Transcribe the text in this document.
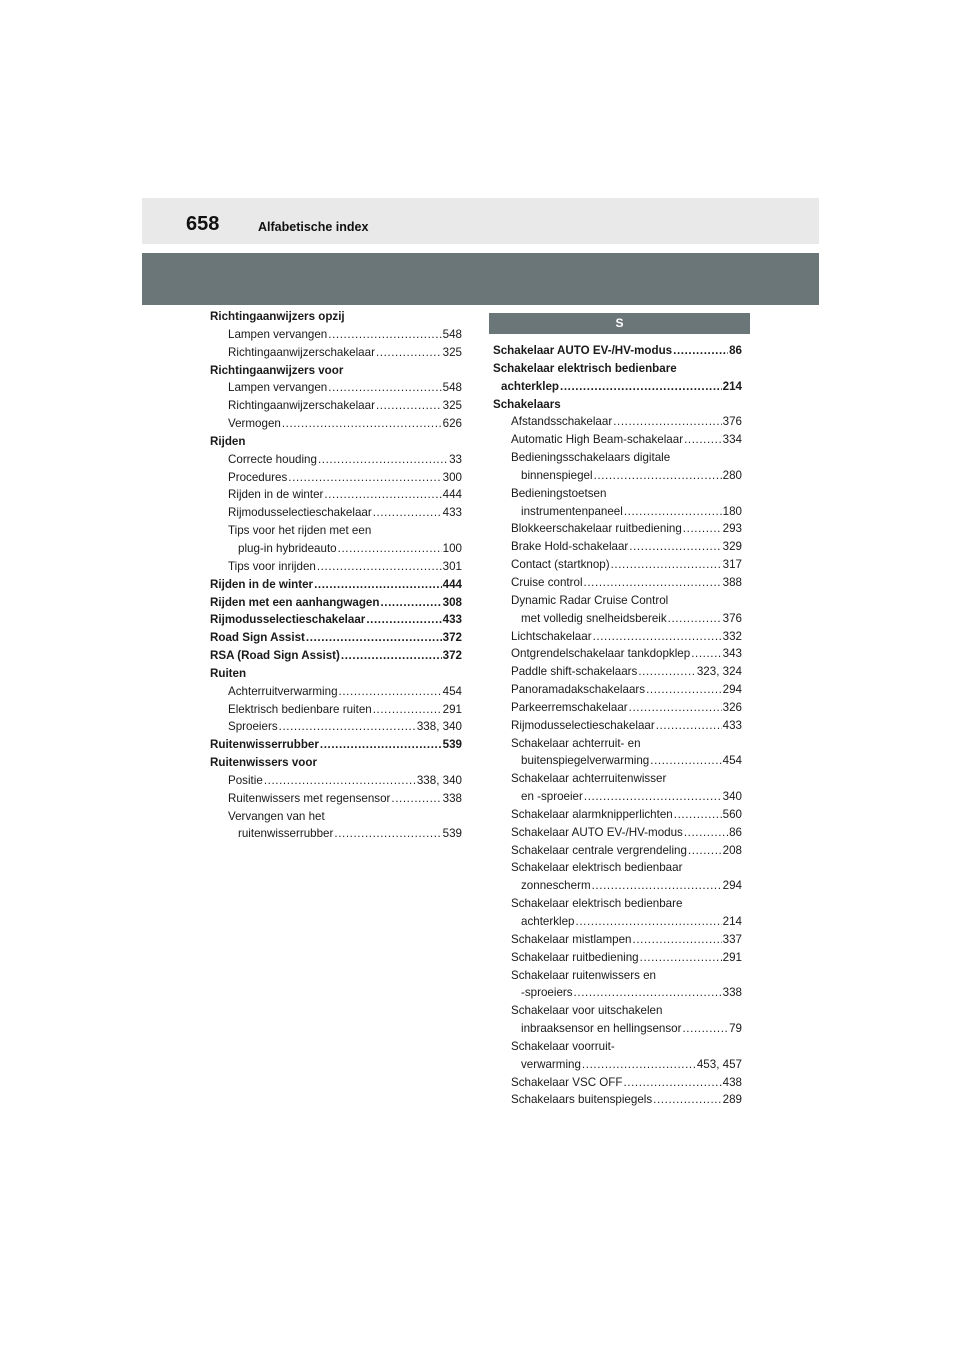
658	Alfabetische index
Richtingaanwijzers opzij
Lampen vervangen .....	548
Richtingaanwijzerschakelaar .....	325
Richtingaanwijzers voor
Lampen vervangen .....	548
Richtingaanwijzerschakelaar .....	325
Vermogen .....	626
Rijden
Correcte houding .....	33
Procedures .....	300
Rijden in de winter .....	444
Rijmodusselectieschakelaar .....	433
Tips voor het rijden met een
plug-in hybrideauto .....	100
Tips voor inrijden .....	301
Rijden in de winter .....	444
Rijden met een aanhangwagen .....	308
Rijmodusselectieschakelaar .....	433
Road Sign Assist .....	372
RSA (Road Sign Assist) .....	372
Ruiten
Achterruitverwarming .....	454
Elektrisch bedienbare ruiten .....	291
Sproeiers .....	338, 340
Ruitenwisserrubber .....	539
Ruitenwissers voor
Positie .....	338, 340
Ruitenwissers met regensensor .....	338
Vervangen van het
ruitenwisserrubber .....	539
S
Schakelaar AUTO EV-/HV-modus .....	86
Schakelaar elektrisch bedienbare
achterklep .....	214
Schakelaars
Afstandsschakelaar .....	376
Automatic High Beam-schakelaar .....	334
Bedieningsschakelaars digitale
binnenspiegel .....	280
Bedieningstoetsen
instrumentenpaneel .....	180
Blokkeerschakelaar ruitbediening .....	293
Brake Hold-schakelaar .....	329
Contact (startknop) .....	317
Cruise control .....	388
Dynamic Radar Cruise Control
met volledig snelheidsbereik .....	376
Lichtschakelaar .....	332
Ontgrendelschakelaar tankdopklep .....	343
Paddle shift-schakelaars .....	323, 324
Panoramadakschakelaars .....	294
Parkeerremschakelaar .....	326
Rijmodusselectieschakelaar .....	433
Schakelaar achterruit- en
buitenspiegelverwarming .....	454
Schakelaar achterruitenwisser
en -sproeier .....	340
Schakelaar alarmknipperlichten .....	560
Schakelaar AUTO EV-/HV-modus .....	86
Schakelaar centrale vergrendeling .....	208
Schakelaar elektrisch bedienbaar
zonnescherm .....	294
Schakelaar elektrisch bedienbare
achterklep .....	214
Schakelaar mistlampen .....	337
Schakelaar ruitbediening .....	291
Schakelaar ruitenwissers en
-sproeiers .....	338
Schakelaar voor uitschakelen
inbraaksensor en hellingsensor .....	79
Schakelaar voorruit-
verwarming .....	453, 457
Schakelaar VSC OFF .....	438
Schakelaars buitenspiegels .....	289
